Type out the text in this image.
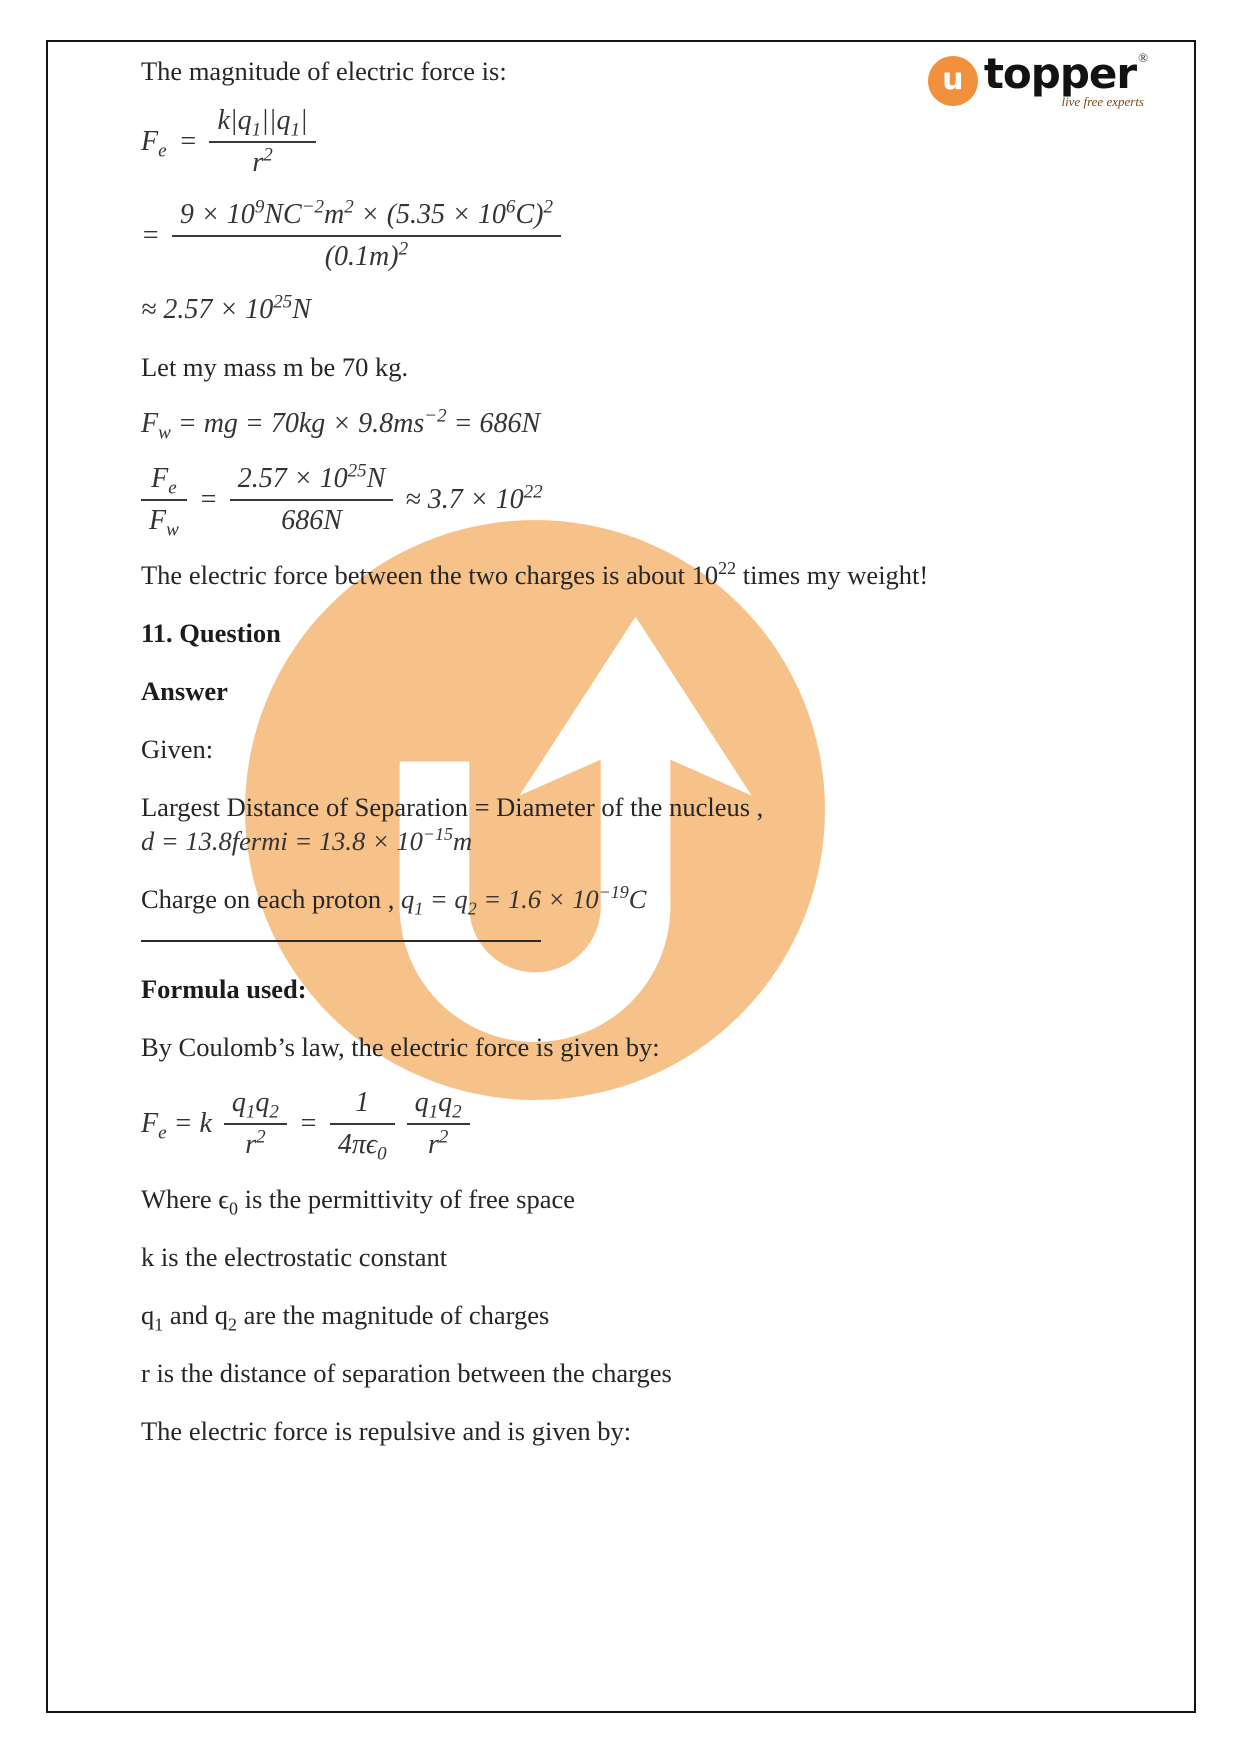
u topper ®
live free experts

The magnitude of electric force is:

$F_e = \frac{k|q_1||q_1|}{r^2}$
= $\frac{9 \times 10^9NC^{-2}m^2 \times (5.35 \times 10^6C)^2}{(0.1m)^2}$
≈ $2.57 \times 10^{25}N$

Let my mass m be 70 kg.

$F_w$ = mg = $70kg \times 9.8ms^{-2} = 686N$
$\frac{F_e}{F_w} = \frac{2.57 \times 10^{25}N}{686N} \approx 3.7 \times 10^{22}$

The electric force between the two charges is about $10^{22}$ times my weight!

11. Question

Answer

Given:

Largest Distance of Separation = Diameter of the nucleus ,
d = 13.8fermi = $13.8 \times 10^{-15}m$

Charge on each proton , $q_1 = q_2 = 1.6 \times 10^{-19}C$

Formula used:

By Coulomb’s law, the electric force is given by:

$F_e = k \frac{q_1q_2}{r^2} = \frac{1}{4\pi\epsilon_0} \frac{q_1q_2}{r^2}$

Where $\epsilon_0$ is the permittivity of free space

k is the electrostatic constant

$q_1$ and $q_2$ are the magnitude of charges

r is the distance of separation between the charges

The electric force is repulsive and is given by:
